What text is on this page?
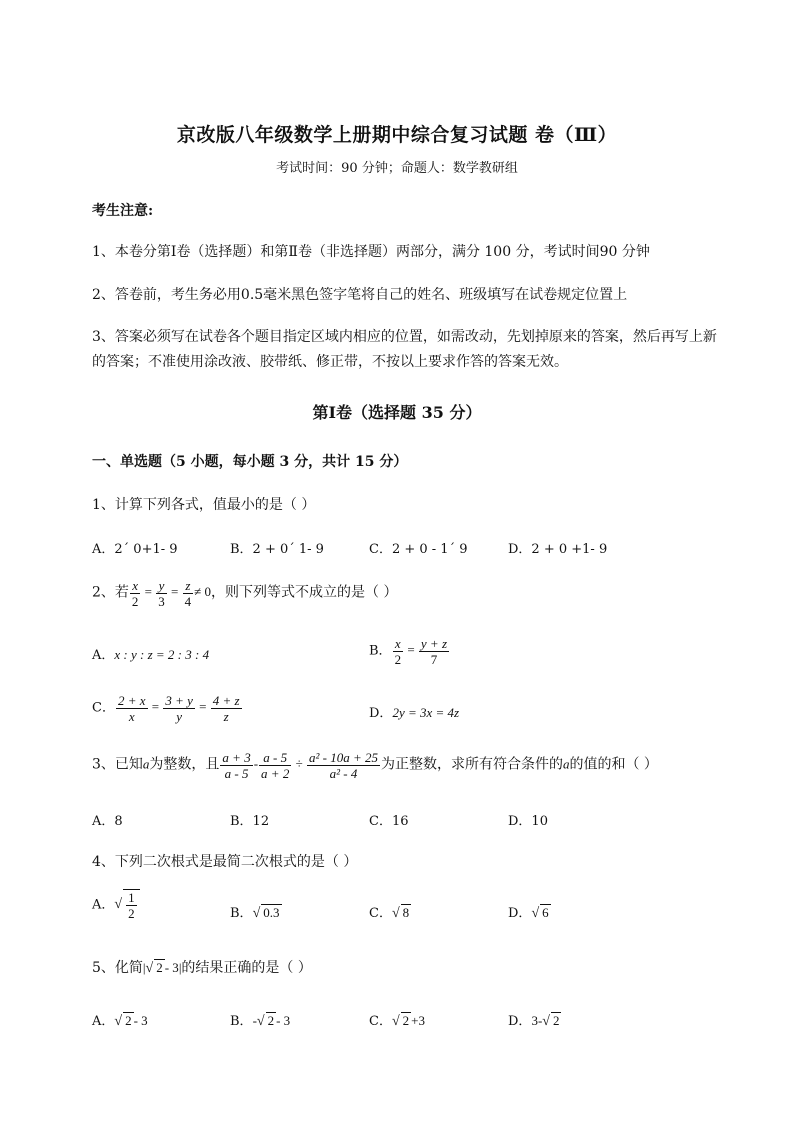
京改版八年级数学上册期中综合复习试题 卷（Ⅲ）
考试时间：90 分钟；命题人：数学教研组
考生注意:
1、本卷分第Ⅰ卷（选择题）和第Ⅱ卷（非选择题）两部分，满分 100 分，考试时间90 分钟
2、答卷前，考生务必用0.5毫米黑色签字笔将自己的姓名、班级填写在试卷规定位置上
3、答案必须写在试卷各个题目指定区域内相应的位置，如需改动，先划掉原来的答案，然后再写上新
的答案；不准使用涂改液、胶带纸、修正带，不按以上要求作答的答案无效。
第Ⅰ卷（选择题 35 分）
一、单选题（5 小题，每小题 3 分，共计 15 分）
1、计算下列各式，值最小的是（ ）
A．2´ 0+1- 9	B．2 + 0´ 1- 9	C．2 + 0 - 1´ 9	D．2 + 0 +1- 9
2、若 $\frac{x}{2} = \frac{y}{3} = \frac{z}{4} \ne 0$，则下列等式不成立的是（ ）
A．x : y : z = 2 : 3 : 4	B． $\frac{x}{2} = \frac{y + z}{7}$
C． $\frac{2 + x}{x} = \frac{3 + y}{y} = \frac{4 + z}{z}$	D．2y = 3x = 4z
3、已知a为整数，且 $\frac{a + 3}{a - 5} - \frac{a - 5}{a + 2} \div \frac{\text{a² - 10a + 25}}{\text{a² - 4}}$ 为正整数，求所有符合条件的a的值的和（ ）
A．8	B．12	C．16	D．10
4、下列二次根式是最简二次根式的是（ ）
A．√ $\frac{1}{2}$	B．√ 0.3	C．√ 8	D．√ 6
5、化简|√ 2 - 3|的结果正确的是（ ）
A．√ 2 - 3	B．-√ 2 - 3	C．√ 2 +3	D．3-√ 2
